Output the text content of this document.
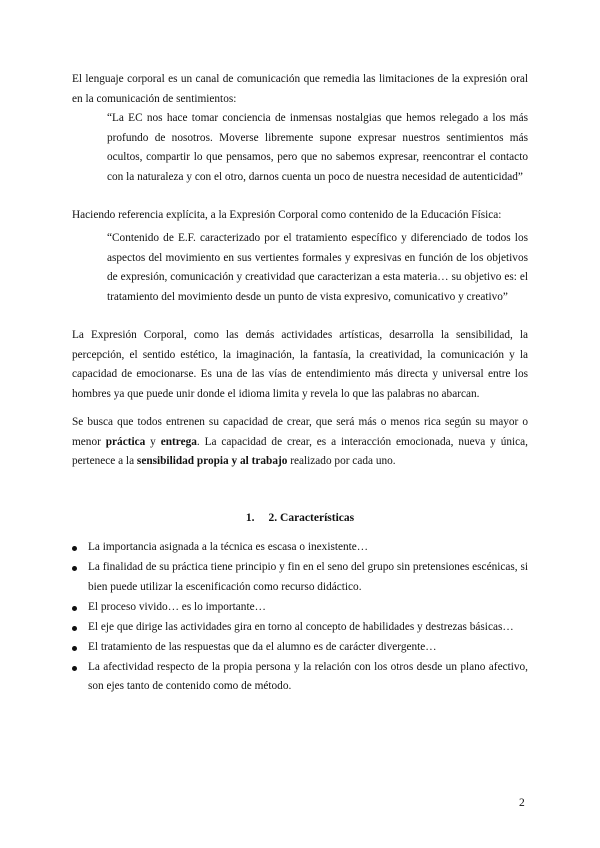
El lenguaje corporal es un canal de comunicación que remedia las limitaciones de la expresión oral en la comunicación de sentimientos:

“La EC nos hace tomar conciencia de inmensas nostalgias que hemos relegado a los más profundo de nosotros. Moverse libremente supone expresar nuestros sentimientos más ocultos, compartir lo que pensamos, pero que no sabemos expresar, reencontrar el contacto con la naturaleza y con el otro, darnos cuenta un poco de nuestra necesidad de autenticidad”

Haciendo referencia explícita, a la Expresión Corporal como contenido de la Educación Física:

“Contenido de E.F. caracterizado por el tratamiento específico y diferenciado de todos los aspectos del movimiento en sus vertientes formales y expresivas en función de los objetivos de expresión, comunicación y creatividad que caracterizan a esta materia… su objetivo es: el tratamiento del movimiento desde un punto de vista expresivo, comunicativo y creativo”

La Expresión Corporal, como las demás actividades artísticas, desarrolla la sensibilidad, la percepción, el sentido estético, la imaginación, la fantasía, la creatividad, la comunicación y la capacidad de emocionarse. Es una de las vías de entendimiento más directa y universal entre los hombres ya que puede unir donde el idioma limita y revela lo que las palabras no abarcan.

Se busca que todos entrenen su capacidad de crear, que será más o menos rica según su mayor o menor práctica y entrega. La capacidad de crear, es a interacción emocionada, nueva y única, pertenece a la sensibilidad propia y al trabajo realizado por cada uno.

1. 2. Características
La importancia asignada a la técnica es escasa o inexistente…
La finalidad de su práctica tiene principio y fin en el seno del grupo sin pretensiones escénicas, si bien puede utilizar la escenificación como recurso didáctico.
El proceso vivido… es lo importante…
El eje que dirige las actividades gira en torno al concepto de habilidades y destrezas básicas…
El tratamiento de las respuestas que da el alumno es de carácter divergente…
La afectividad respecto de la propia persona y la relación con los otros desde un plano afectivo, son ejes tanto de contenido como de método.
2
